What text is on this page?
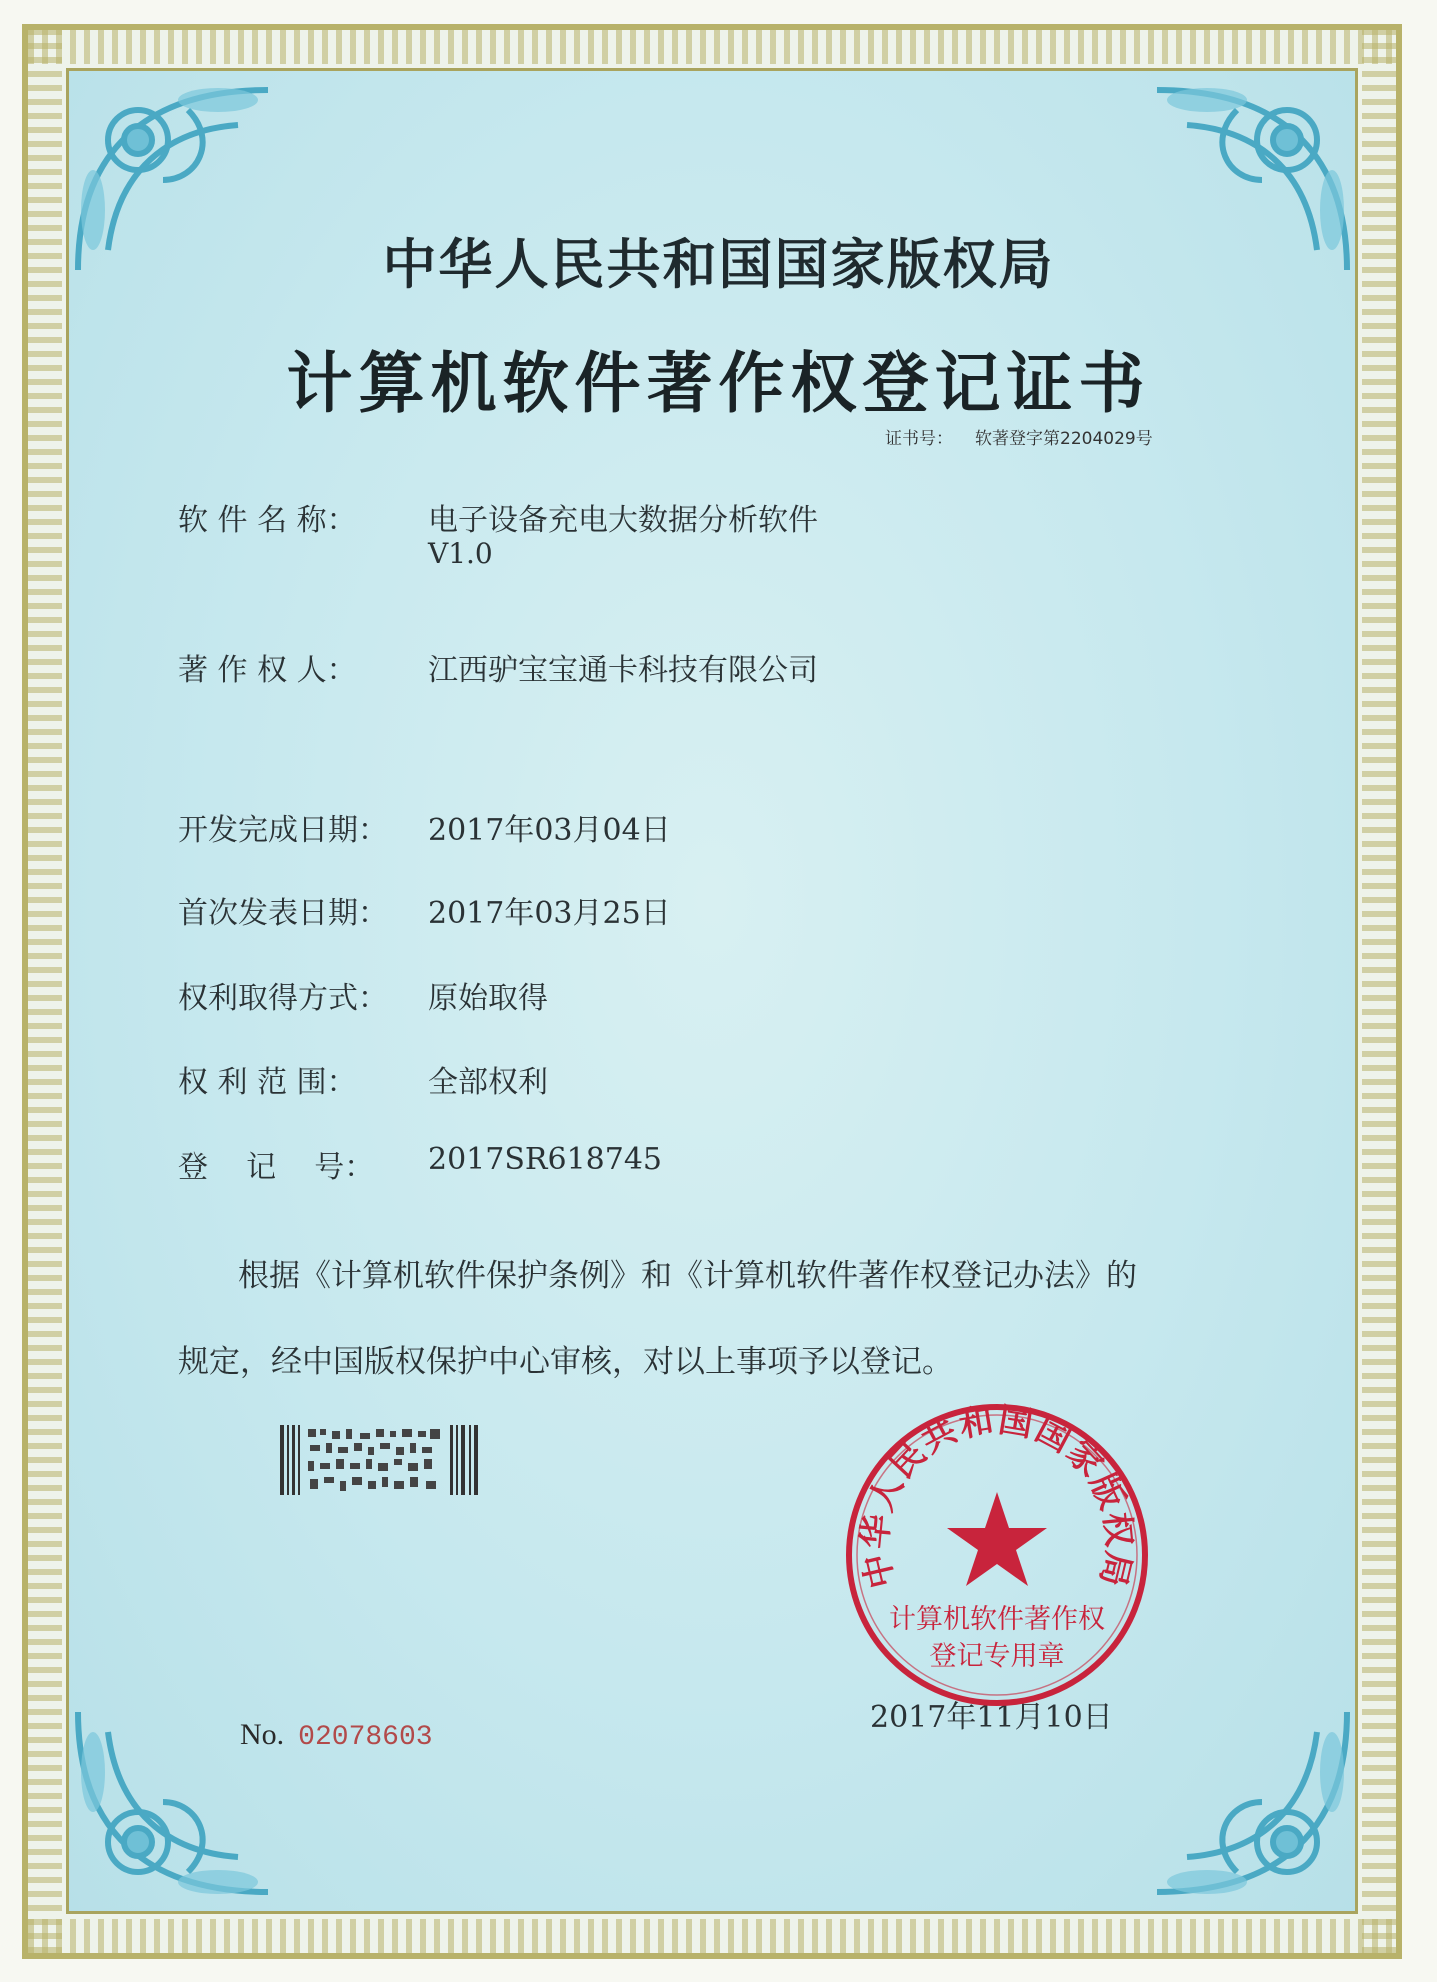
中华人民共和国国家版权局
计算机软件著作权登记证书
证书号： 软著登字第2204029号
软 件 名 称： 电子设备充电大数据分析软件
V1.0
著 作 权 人： 江西驴宝宝通卡科技有限公司
开发完成日期： 2017年03月04日
首次发表日期： 2017年03月25日
权利取得方式： 原始取得
权 利 范 围： 全部权利
登    记    号： 2017SR618745
根据《计算机软件保护条例》和《计算机软件著作权登记办法》的
规定，经中国版权保护中心审核，对以上事项予以登记。
No. 02078603
2017年11月10日
中华人民共和国国家版权局
计算机软件著作权
登记专用章
